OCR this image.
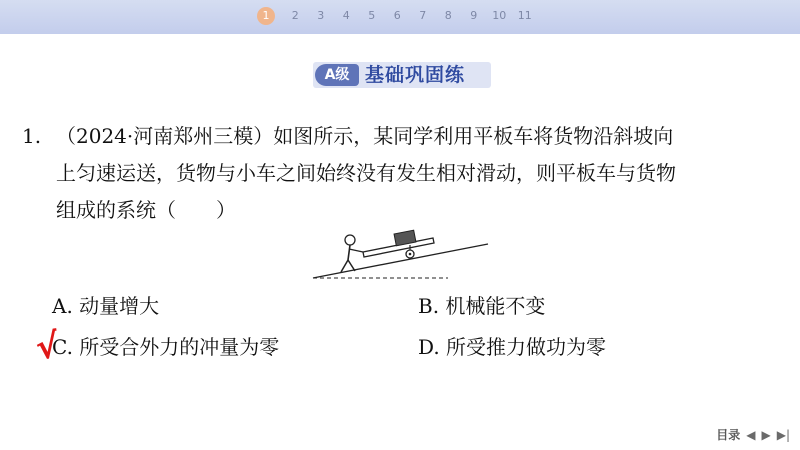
1	2	3	4	5	6	7	8	9	10	11
A级 基础巩固练
1. （2024·河南郑州三模）如图所示，某同学利用平板车将货物沿斜坡向
上匀速运送，货物与小车之间始终没有发生相对滑动，则平板车与货物
组成的系统（　　）
A. 动量增大	B. 机械能不变
C. 所受合外力的冲量为零	D. 所受推力做功为零
√
目录 ◀ ▶ ▶|
